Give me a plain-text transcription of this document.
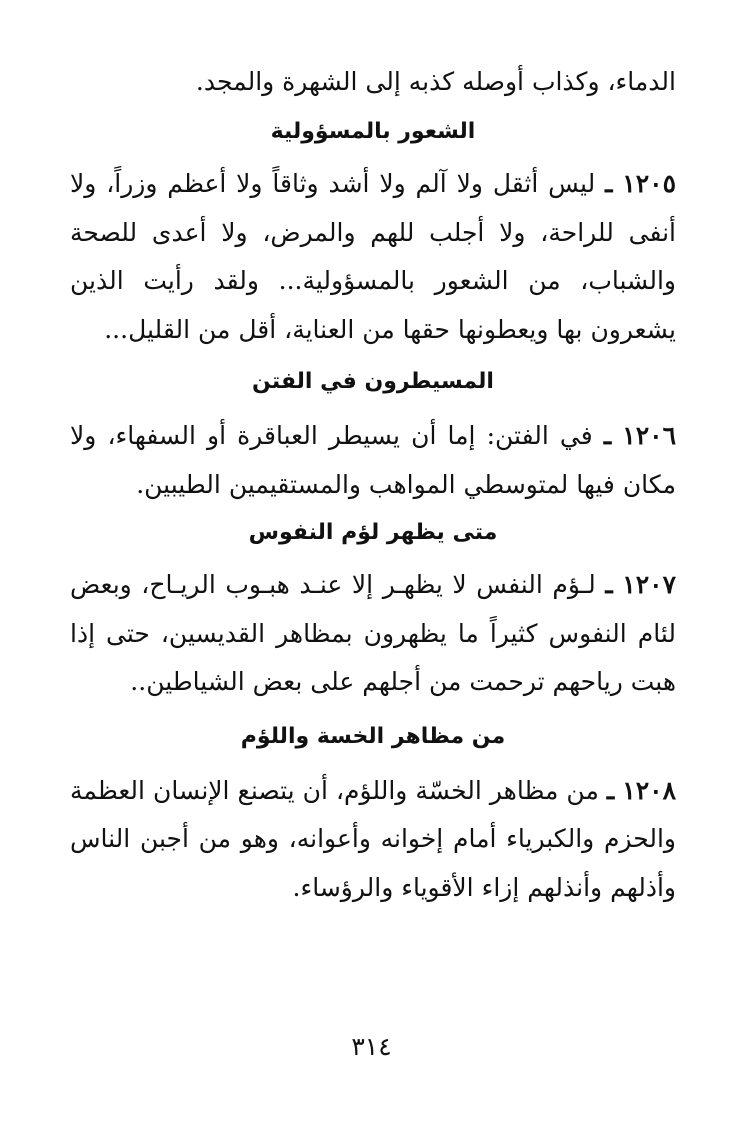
الدماء، وكذاب أوصله كذبه إلى الشهرة والمجد.
الشعور بالمسؤولية
١٢٠٥ ـ ليس أثقل ولا آلم ولا أشد وثاقاً ولا أعظم وزراً، ولا أنفى للراحة، ولا أجلب للهم والمرض، ولا أعدى للصحة والشباب، من الشعور بالمسؤولية... ولقد رأيت الذين يشعرون بها ويعطونها حقها من العناية، أقل من القليل...
المسيطرون في الفتن
١٢٠٦ ـ في الفتن: إما أن يسيطر العباقرة أو السفهاء، ولا مكان فيها لمتوسطي المواهب والمستقيمين الطيبين.
متى يظهر لؤم النفوس
١٢٠٧ ـ لـؤم النفس لا يظهـر إلا عنـد هبـوب الريـاح، وبعض لئام النفوس كثيراً ما يظهرون بمظاهر القديسين، حتى إذا هبت رياحهم ترحمت من أجلهم على بعض الشياطين..
من مظاهر الخسة واللؤم
١٢٠٨ ـ من مظاهر الخسّة واللؤم، أن يتصنع الإنسان العظمة والحزم والكبرياء أمام إخوانه وأعوانه، وهو من أجبن الناس وأذلهم وأنذلهم إزاء الأقوياء والرؤساء.
٣١٤
